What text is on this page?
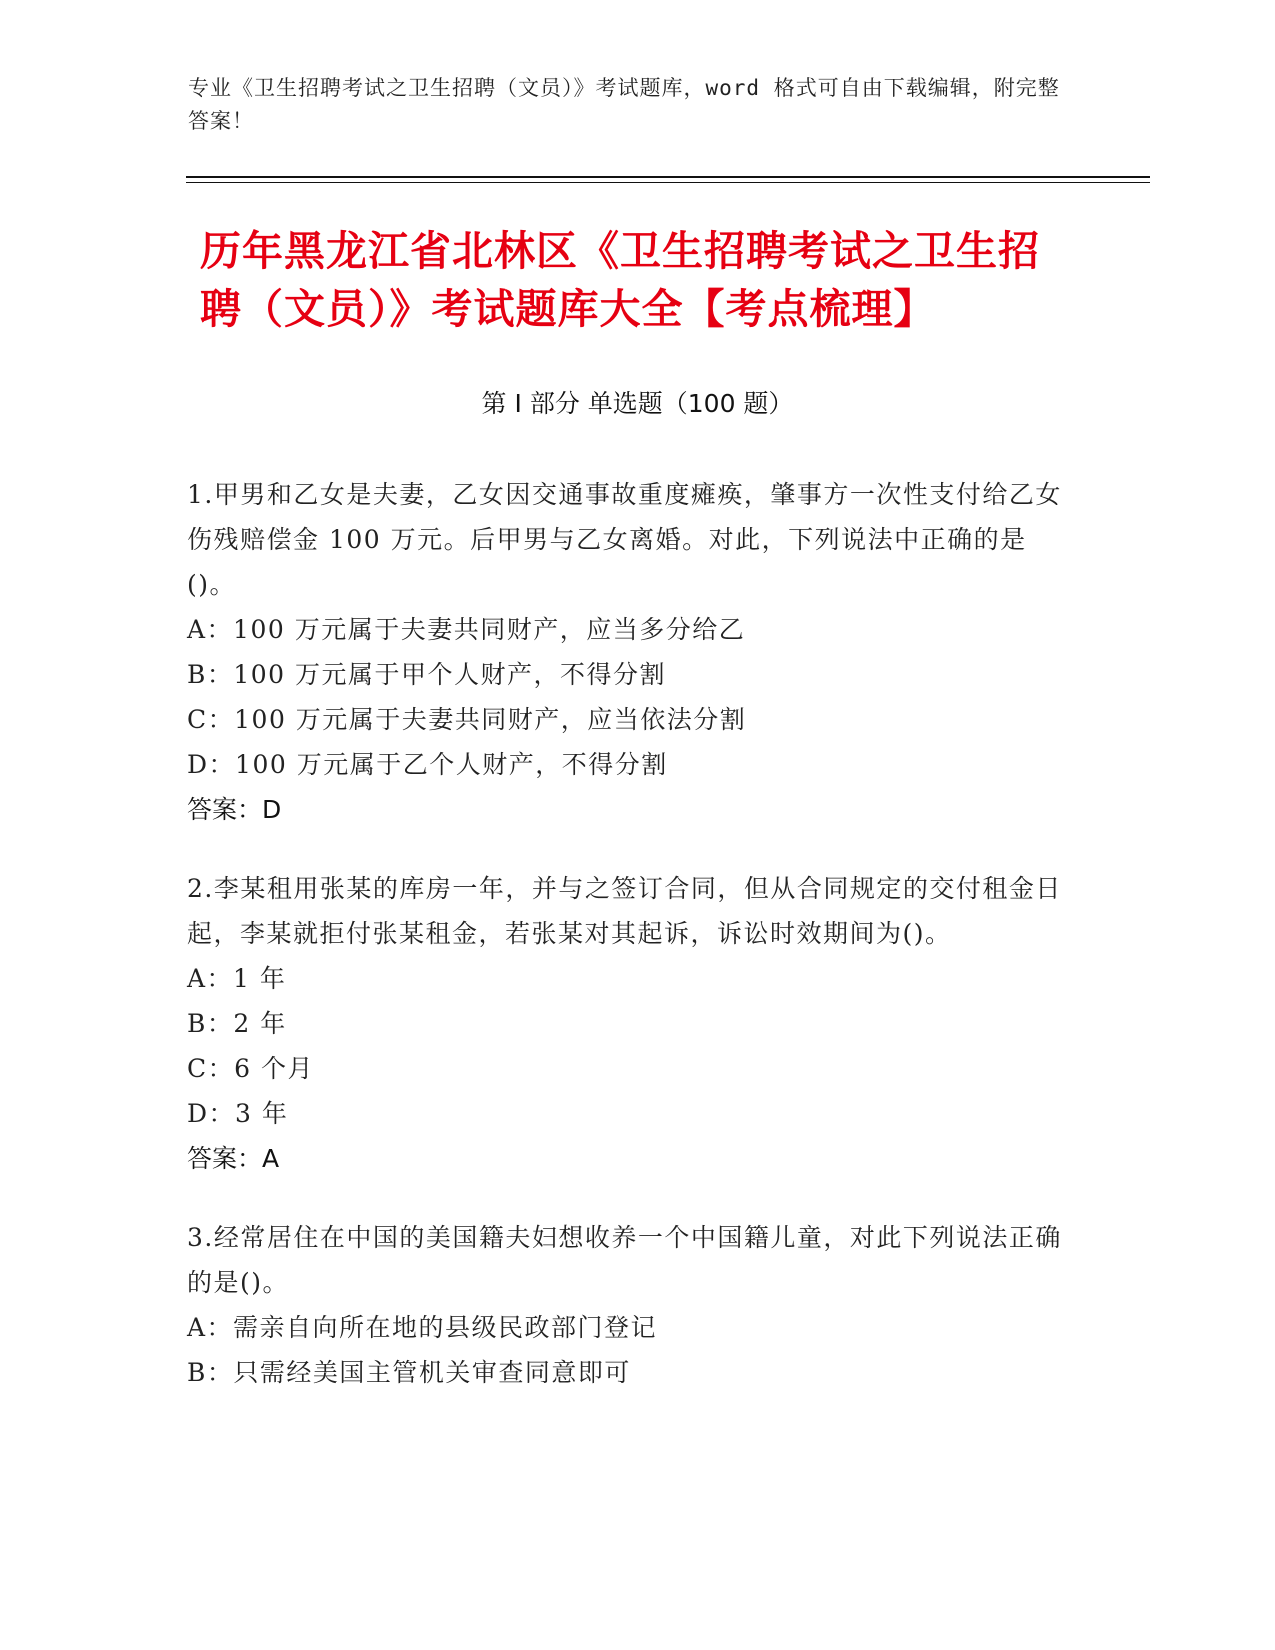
专业《卫生招聘考试之卫生招聘（文员）》考试题库，word 格式可自由下载编辑，附完整答案！
历年黑龙江省北林区《卫生招聘考试之卫生招聘（文员）》考试题库大全【考点梳理】
第 I 部分 单选题（100 题）

1.甲男和乙女是夫妻，乙女因交通事故重度瘫痪，肇事方一次性支付给乙女伤残赔偿金 100 万元。后甲男与乙女离婚。对此，下列说法中正确的是()。

A：100 万元属于夫妻共同财产，应当多分给乙

B：100 万元属于甲个人财产，不得分割

C：100 万元属于夫妻共同财产，应当依法分割

D：100 万元属于乙个人财产，不得分割

答案：D

2.李某租用张某的库房一年，并与之签订合同，但从合同规定的交付租金日起，李某就拒付张某租金，若张某对其起诉，诉讼时效期间为()。

A：1 年

B：2 年

C：6 个月

D：3 年

答案：A

3.经常居住在中国的美国籍夫妇想收养一个中国籍儿童，对此下列说法正确的是()。

A：需亲自向所在地的县级民政部门登记

B：只需经美国主管机关审查同意即可
